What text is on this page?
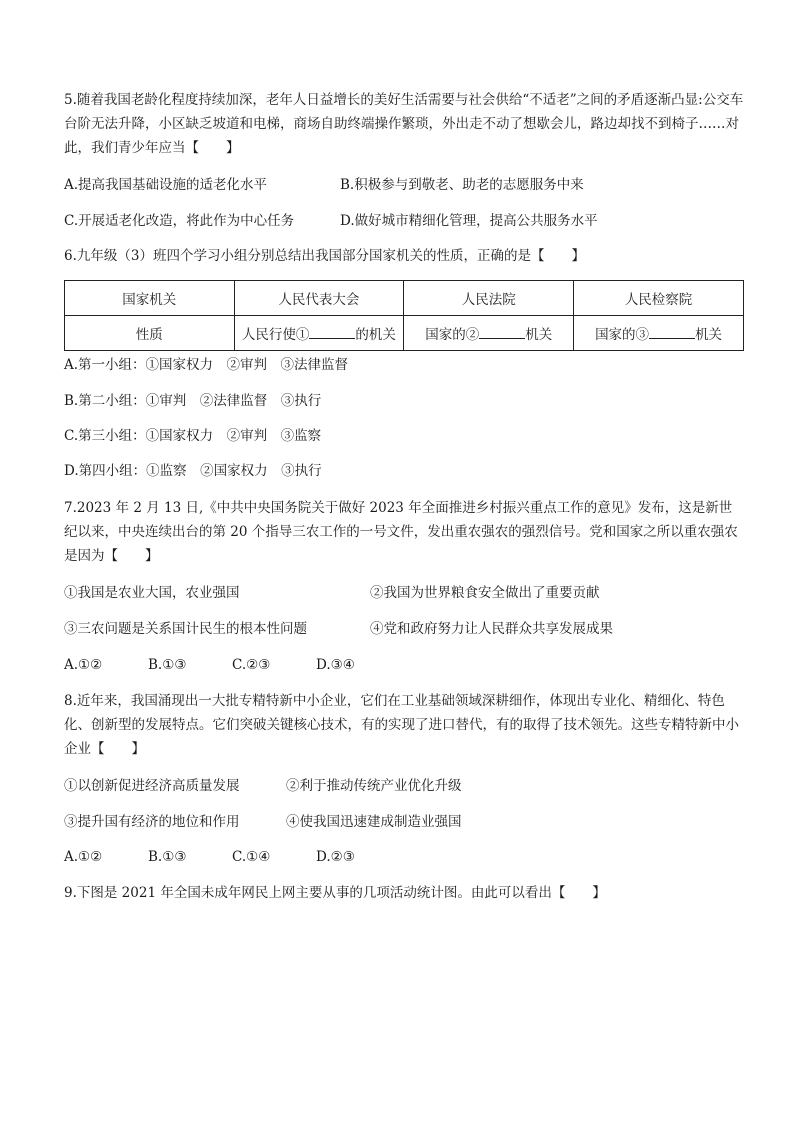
5.随着我国老龄化程度持续加深，老年人日益增长的美好生活需要与社会供给“不适老”之间的矛盾逐渐凸显:公交车台阶无法升降，小区缺乏坡道和电梯，商场自助终端操作繁琐，外出走不动了想歇会儿，路边却找不到椅子……对此，我们青少年应当【　　】

A.提高我国基础设施的适老化水平	B.积极参与到敬老、助老的志愿服务中来
C.开展适老化改造，将此作为中心任务	D.做好城市精细化管理，提高公共服务水平
6.九年级（3）班四个学习小组分别总结出我国部分国家机关的性质，正确的是【　　】
国家机关	人民代表大会	人民法院	人民检察院
性质	人民行使① 的机关	国家的② 机关	国家的③ 机关
A.第一小组：①国家权力　②审判　③法律监督
B.第二小组：①审判　②法律监督　③执行
C.第三小组：①国家权力　②审判　③监察
D.第四小组：①监察　②国家权力　③执行

7.2023 年 2 月 13 日,《中共中央国务院关于做好 2023 年全面推进乡村振兴重点工作的意见》发布，这是新世纪以来，中央连续出台的第 20 个指导三农工作的一号文件，发出重农强农的强烈信号。党和国家之所以重农强农是因为【　　】

①我国是农业大国，农业强国	②我国为世界粮食安全做出了重要贡献
③三农问题是关系国计民生的根本性问题	④党和政府努力让人民群众共享发展成果
A.①②	B.①③	C.②③	D.③④

8.近年来，我国涌现出一大批专精特新中小企业，它们在工业基础领域深耕细作，体现出专业化、精细化、特色化、创新型的发展特点。它们突破关键核心技术，有的实现了进口替代，有的取得了技术领先。这些专精特新中小企业【　　】

①以创新促进经济高质量发展	②利于推动传统产业优化升级
③提升国有经济的地位和作用	④使我国迅速建成制造业强国
A.①②	B.①③	C.①④	D.②③
9.下图是 2021 年全国未成年网民上网主要从事的几项活动统计图。由此可以看出【　　】
